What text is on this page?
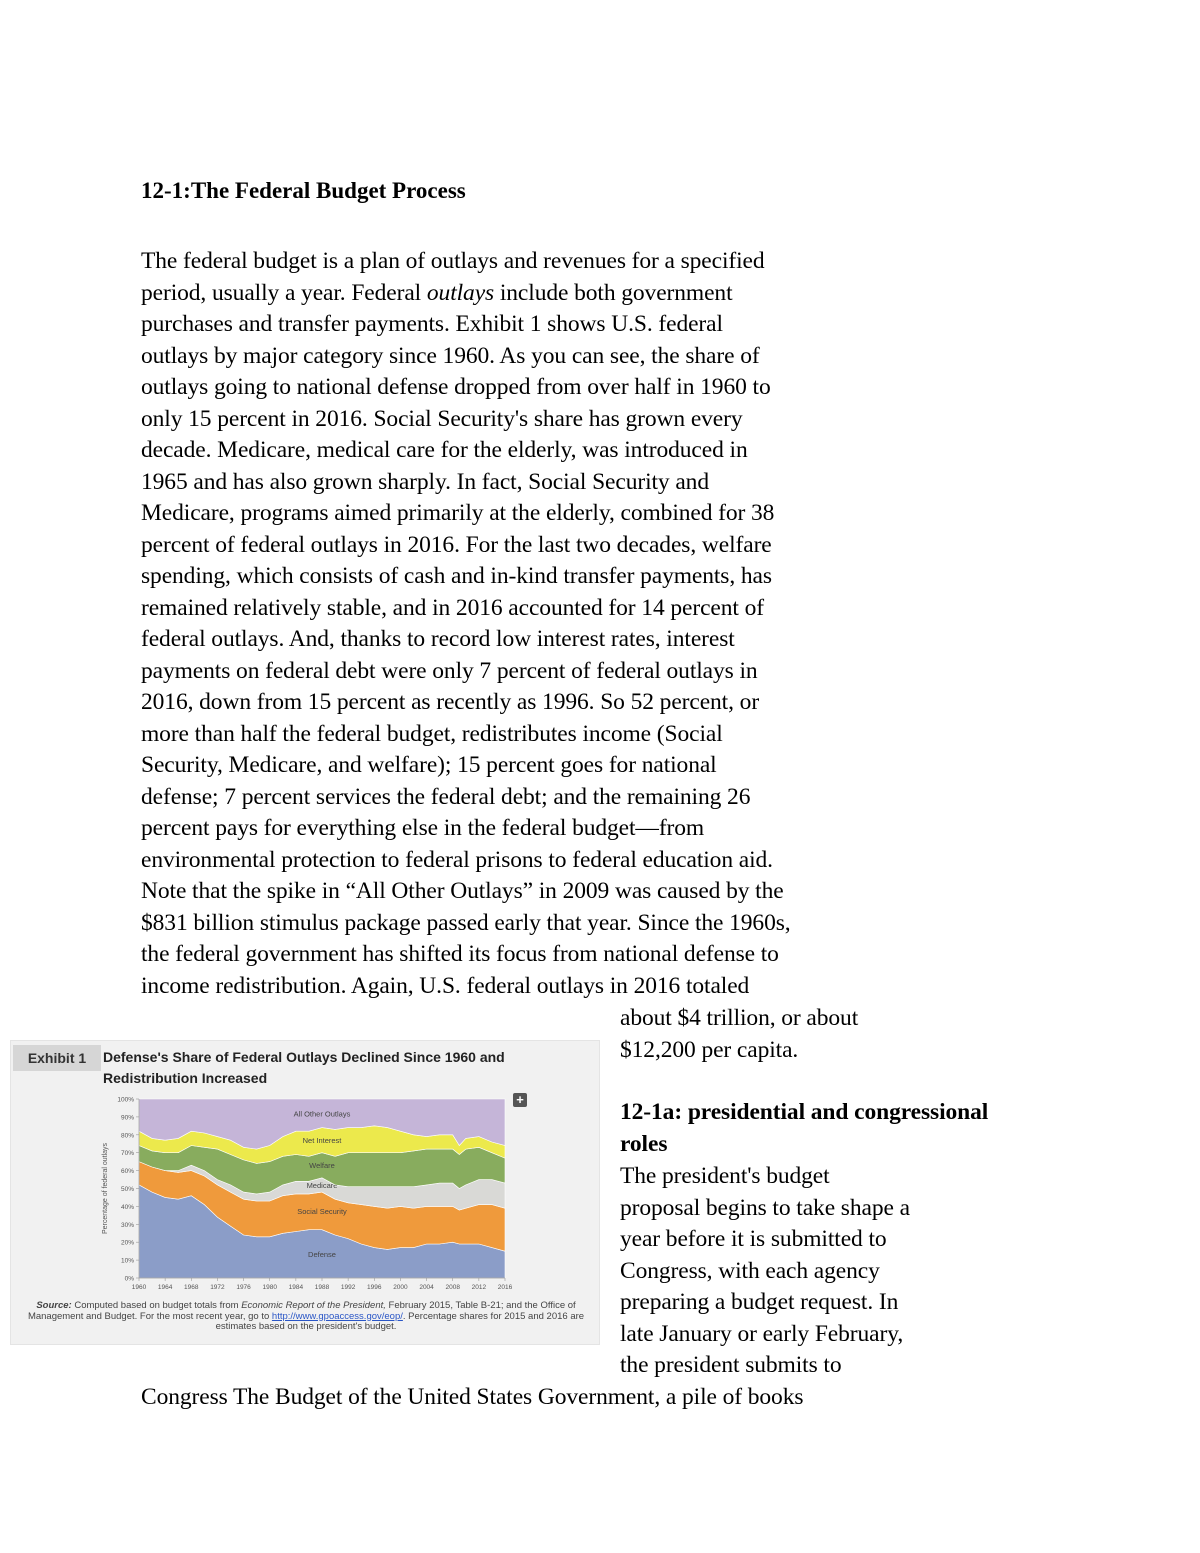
12-1:The Federal Budget Process
The federal budget is a plan of outlays and revenues for a specified
period, usually a year. Federal outlays include both government
purchases and transfer payments. Exhibit 1 shows U.S. federal
outlays by major category since 1960. As you can see, the share of
outlays going to national defense dropped from over half in 1960 to
only 15 percent in 2016. Social Security's share has grown every
decade. Medicare, medical care for the elderly, was introduced in
1965 and has also grown sharply. In fact, Social Security and
Medicare, programs aimed primarily at the elderly, combined for 38
percent of federal outlays in 2016. For the last two decades, welfare
spending, which consists of cash and in-kind transfer payments, has
remained relatively stable, and in 2016 accounted for 14 percent of
federal outlays. And, thanks to record low interest rates, interest
payments on federal debt were only 7 percent of federal outlays in
2016, down from 15 percent as recently as 1996. So 52 percent, or
more than half the federal budget, redistributes income (Social
Security, Medicare, and welfare); 15 percent goes for national
defense; 7 percent services the federal debt; and the remaining 26
percent pays for everything else in the federal budget—from
environmental protection to federal prisons to federal education aid.
Note that the spike in “All Other Outlays” in 2009 was caused by the
$831 billion stimulus package passed early that year. Since the 1960s,
the federal government has shifted its focus from national defense to
income redistribution. Again, U.S. federal outlays in 2016 totaled
about $4 trillion, or about
$12,200 per capita.
12-1a: presidential and congressional
roles
The president's budget
proposal begins to take shape a
year before it is submitted to
Congress, with each agency
preparing a budget request. In
late January or early February,
the president submits to
Congress The Budget of the United States Government, a pile of books
Exhibit 1	Defense's Share of Federal Outlays Declined Since 1960 and Redistribution Increased
+
Defense
Social Security
Medicare
Welfare
Net Interest
All Other Outlays
0%
10%
20%
30%
40%
50%
60%
70%
80%
90%
100%
1960 1964 1968 1972 1976 1980 1984 1988 1992 1996 2000 2004 2008 2012 2016
Percentage of federal outlays
Source: Computed based on budget totals from Economic Report of the President, February 2015, Table B-21; and the Office of Management and Budget. For the most recent year, go to http://www.gpoaccess.gov/eop/. Percentage shares for 2015 and 2016 are estimates based on the president's budget.
